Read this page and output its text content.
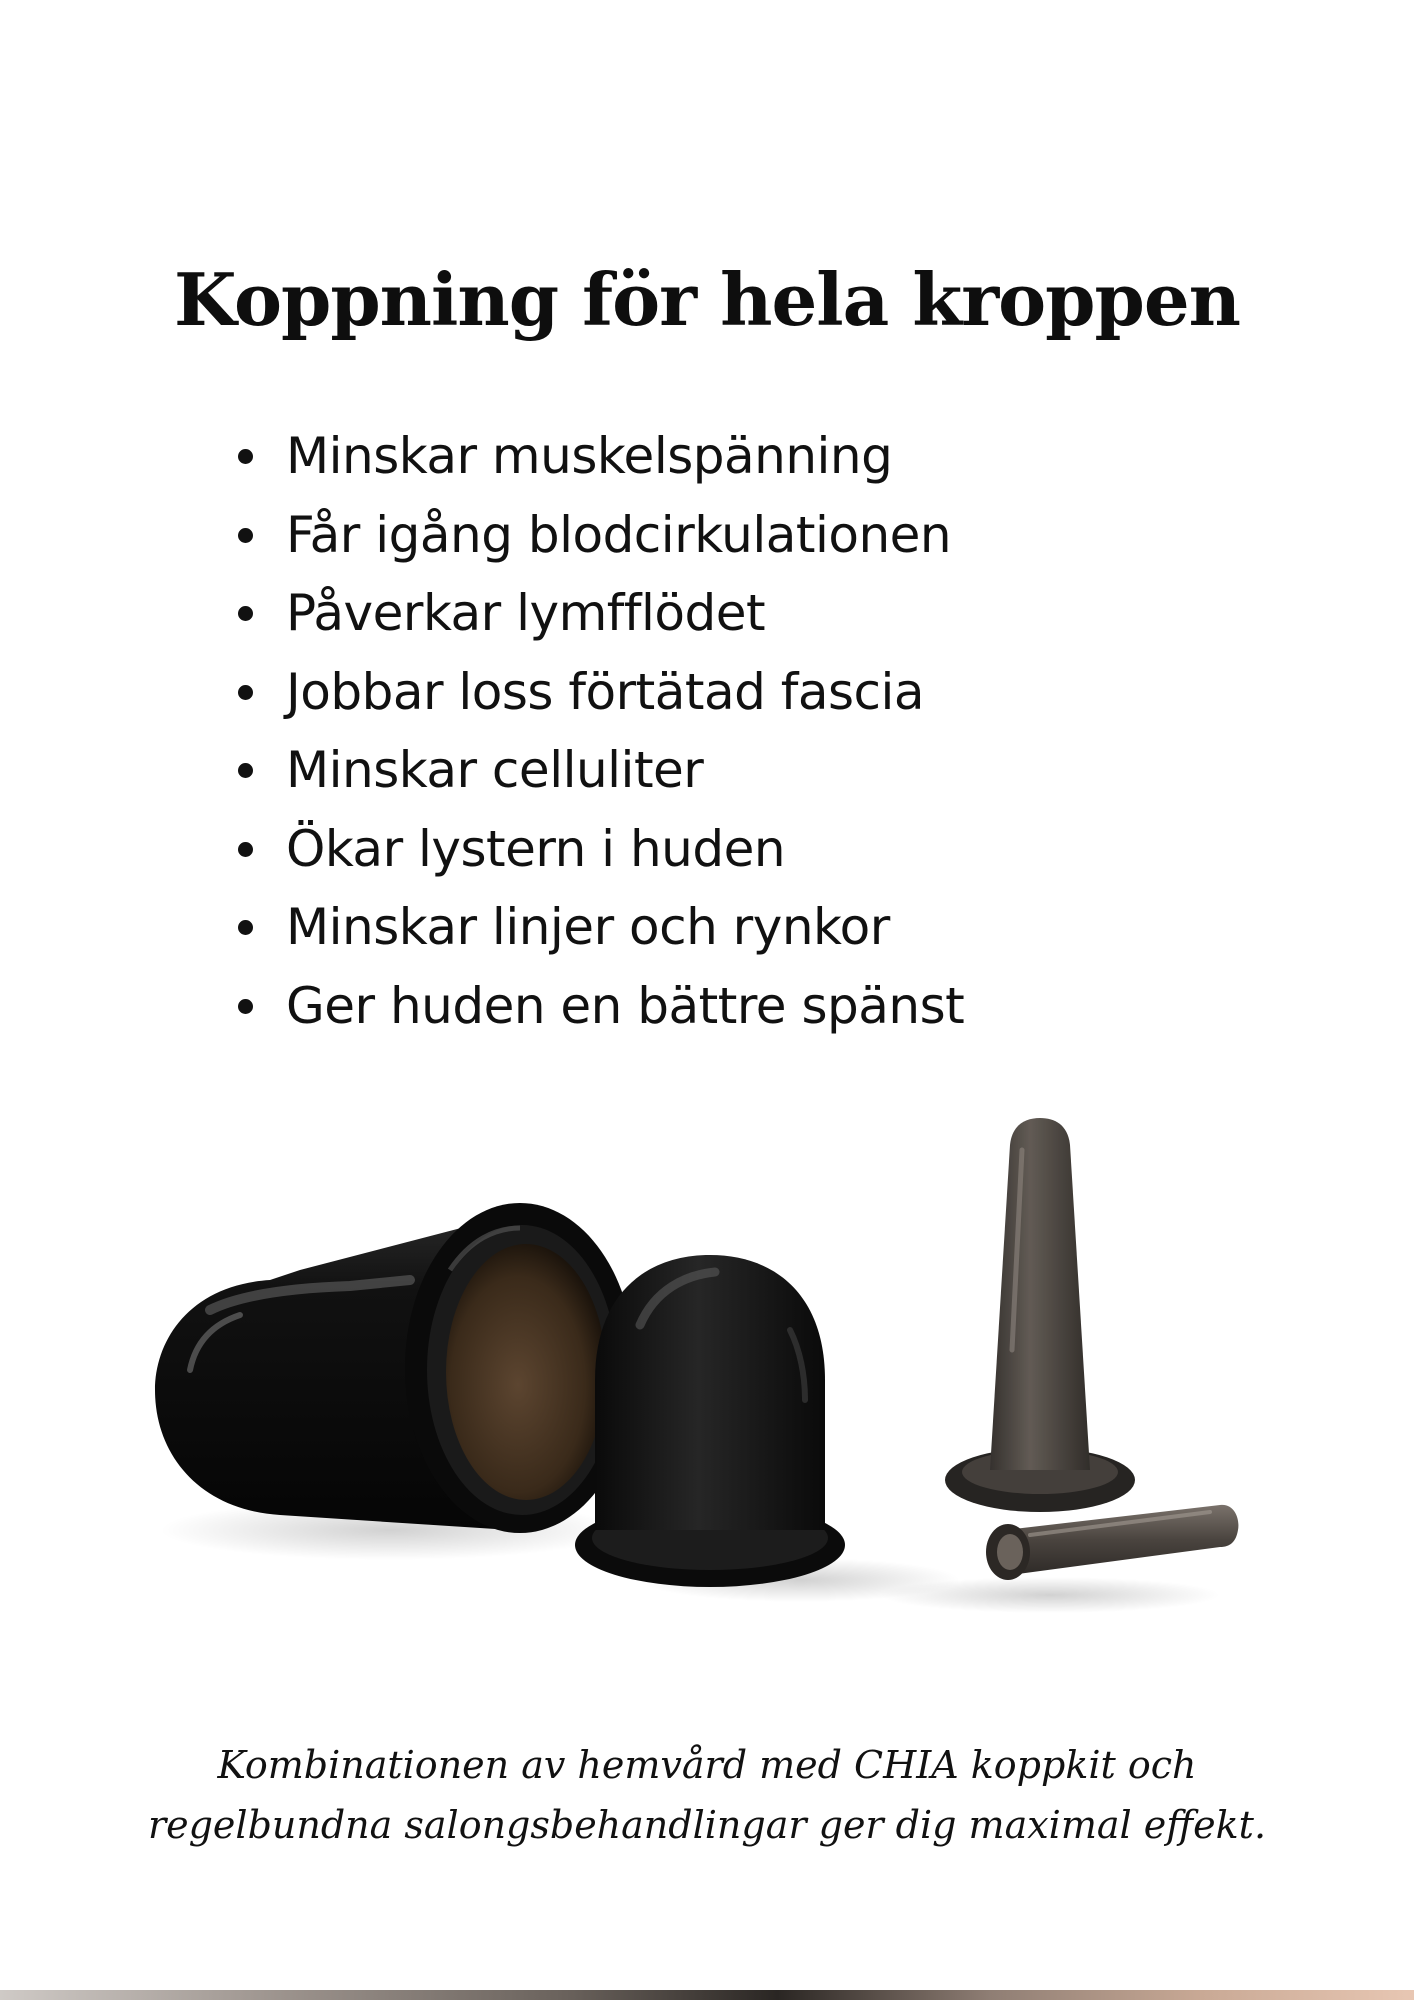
Koppning för hela kroppen
Minskar muskelspänning
Får igång blodcirkulationen
Påverkar lymfflödet
Jobbar loss förtätad fascia
Minskar celluliter
Ökar lystern i huden
Minskar linjer och rynkor
Ger huden en bättre spänst
Kombinationen av hemvård med CHIA koppkit och
regelbundna salongsbehandlingar ger dig maximal effekt.
